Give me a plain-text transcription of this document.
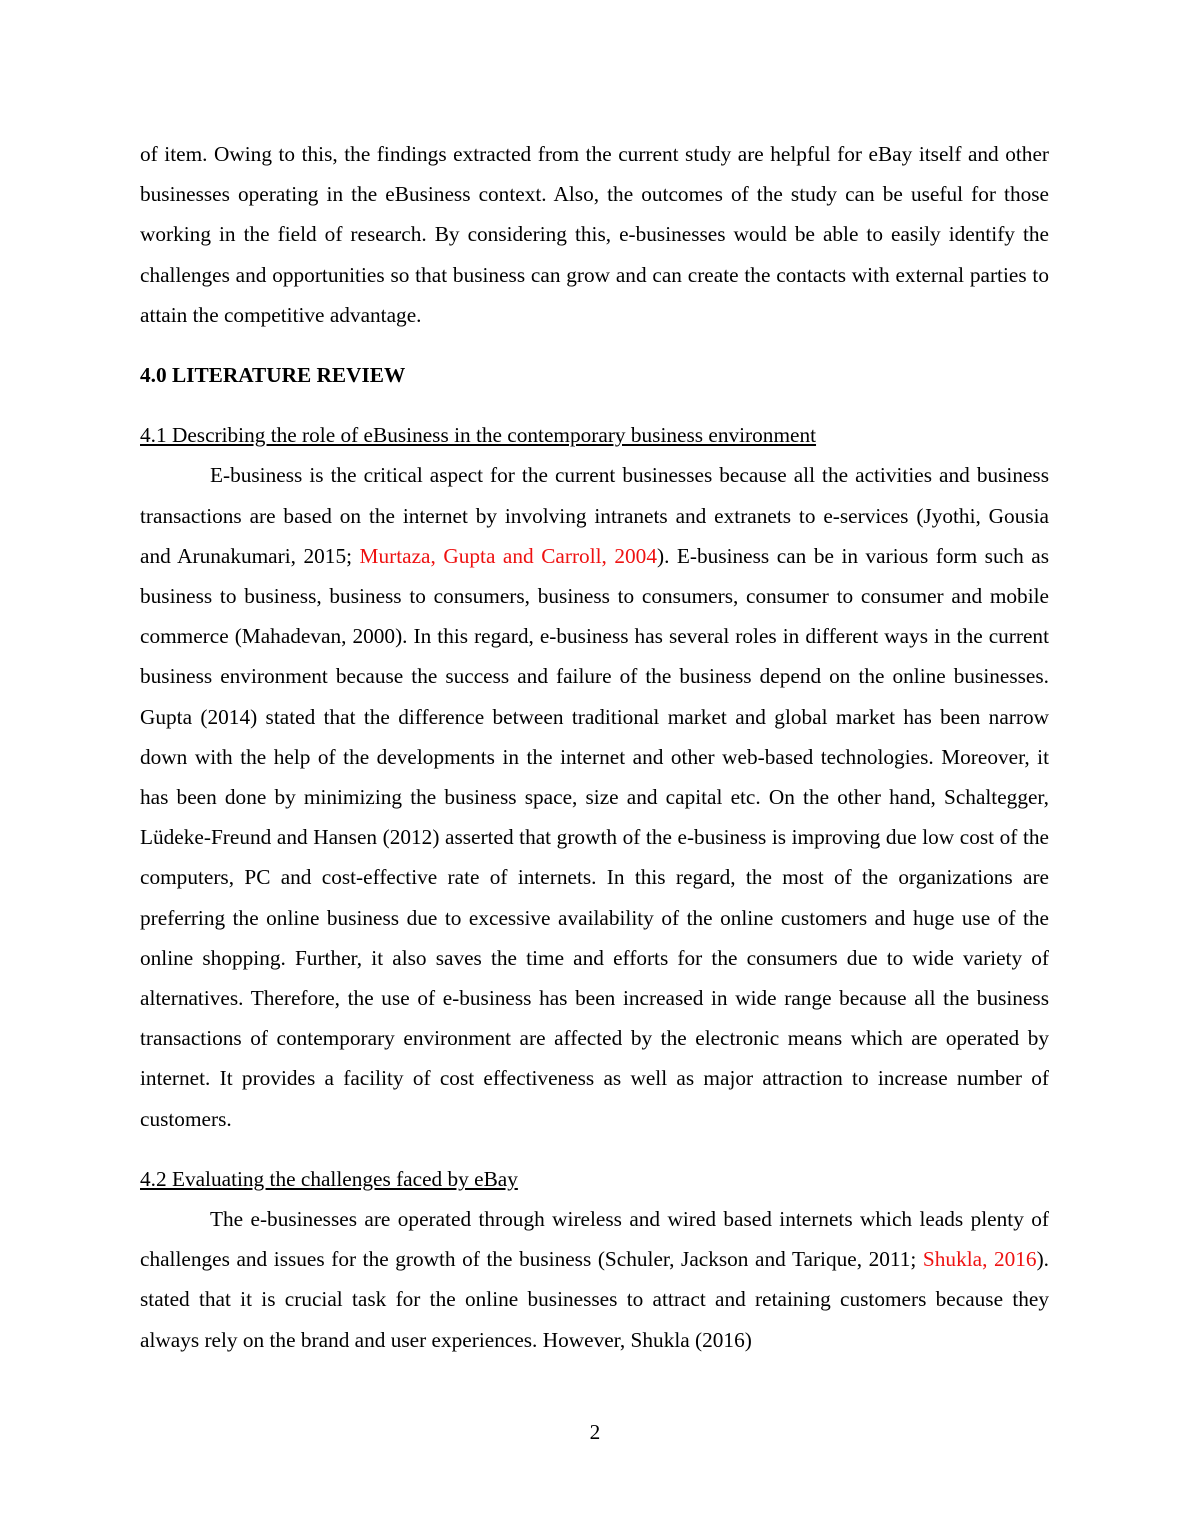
of item. Owing to this, the findings extracted from the current study are helpful for eBay itself and other businesses operating in the eBusiness context. Also, the outcomes of the study can be useful for those working in the field of research. By considering this, e-businesses would be able to easily identify the challenges and opportunities so that business can grow and can create the contacts with external parties to attain the competitive advantage.

4.0 LITERATURE REVIEW

4.1 Describing the role of eBusiness in the contemporary business environment

E-business is the critical aspect for the current businesses because all the activities and business transactions are based on the internet by involving intranets and extranets to e-services (Jyothi, Gousia and Arunakumari, 2015; Murtaza, Gupta and Carroll, 2004). E-business can be in various form such as business to business, business to consumers, business to consumers, consumer to consumer and mobile commerce (Mahadevan, 2000). In this regard, e-business has several roles in different ways in the current business environment because the success and failure of the business depend on the online businesses. Gupta (2014) stated that the difference between traditional market and global market has been narrow down with the help of the developments in the internet and other web-based technologies. Moreover, it has been done by minimizing the business space, size and capital etc. On the other hand, Schaltegger, Lüdeke-Freund and Hansen (2012) asserted that growth of the e-business is improving due low cost of the computers, PC and cost-effective rate of internets. In this regard, the most of the organizations are preferring the online business due to excessive availability of the online customers and huge use of the online shopping. Further, it also saves the time and efforts for the consumers due to wide variety of alternatives. Therefore, the use of e-business has been increased in wide range because all the business transactions of contemporary environment are affected by the electronic means which are operated by internet. It provides a facility of cost effectiveness as well as major attraction to increase number of customers.

4.2 Evaluating the challenges faced by eBay

The e-businesses are operated through wireless and wired based internets which leads plenty of challenges and issues for the growth of the business (Schuler, Jackson and Tarique, 2011; Shukla, 2016). stated that it is crucial task for the online businesses to attract and retaining customers because they always rely on the brand and user experiences. However, Shukla (2016)

2
